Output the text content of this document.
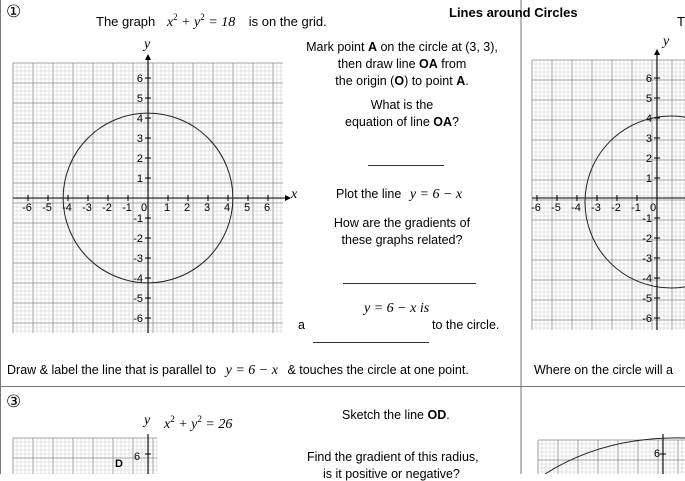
①	Lines around Circles
The graph $x^2 + y^2 = 18$ is on the grid.
-6 -5 -4 -3 -2 -1 0 1 2 3 4 5 6
6
5
4
3
2
1
-1
-2
-3
-4
-5
-6
y
x
Mark point A on the circle at (3, 3),
then draw line OA from
the origin (O) to point A.
What is the
equation of line OA?
Plot the line y = 6 − x
How are the gradients of
these graphs related?
y = 6 − x is
a	to the circle.
Draw & label the line that is parallel to y = 6 − x & touches the circle at one point.
T
-6 -5 -4 -3 -2 -1 0
6
5
4
3
2
1
-1
-2
-3
-4
-5
-6
y
Where on the circle will a
③
y $x^2 + y^2 = 26$
6
D
Sketch the line OD.
Find the gradient of this radius,
is it positive or negative?
6
